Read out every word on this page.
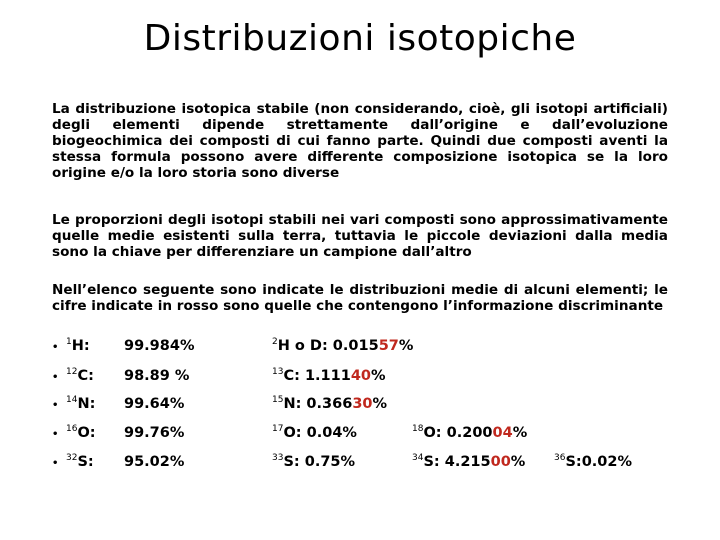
Distribuzioni isotopiche
La distribuzione isotopica stabile (non considerando, cioè, gli isotopi artificiali) degli elementi dipende strettamente dall’origine e dall’evoluzione biogeochimica dei composti di cui fanno parte. Quindi due composti aventi la stessa formula possono avere differente composizione isotopica se la loro origine e/o la loro storia sono diverse
Le proporzioni degli isotopi stabili nei vari composti sono approssimativamente quelle medie esistenti sulla terra, tuttavia le piccole deviazioni dalla media sono la chiave per differenziare un campione dall’altro
Nell’elenco seguente sono indicate le distribuzioni medie di alcuni elementi; le cifre indicate in rosso sono quelle che contengono l’informazione discriminante
• $^1$H: 99.984%	$^2$H o D: 0.01557%
• $^{12}$C: 98.89 %	$^{13}$C: 1.11140%
• $^{14}$N: 99.64%	$^{15}$N: 0.36630%
• $^{16}$O: 99.76%	$^{17}$O: 0.04%	$^{18}$O: 0.20004%
• $^{32}$S: 95.02%	$^{33}$S: 0.75%	$^{34}$S: 4.21500%	$^{36}$S:0.02%
